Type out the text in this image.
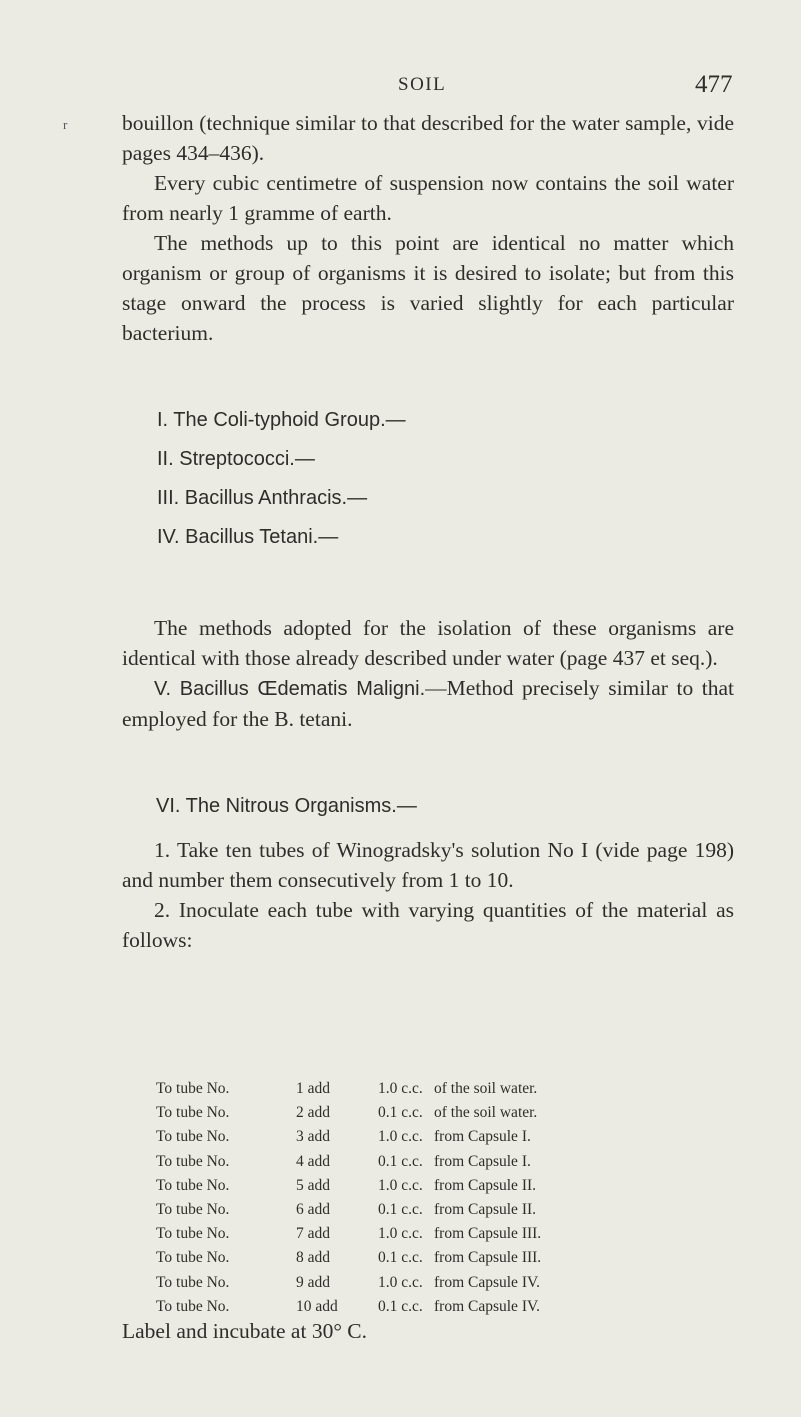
SOIL	477
r	bouillon (technique similar to that described for the water sample, vide pages 434–436).

Every cubic centimetre of suspension now contains the soil water from nearly 1 gramme of earth.

The methods up to this point are identical no matter which organism or group of organisms it is desired to isolate; but from this stage onward the process is varied slightly for each particular bacterium.

I. The Coli-typhoid Group.—

II. Streptococci.—

III. Bacillus Anthracis.—

IV. Bacillus Tetani.—

The methods adopted for the isolation of these organisms are identical with those already described under water (page 437 et seq.).

V. Bacillus Œdematis Maligni.—Method precisely similar to that employed for the B. tetani.

VI. The Nitrous Organisms.—

1. Take ten tubes of Winogradsky's solution No I (vide page 198) and number them consecutively from 1 to 10.

2. Inoculate each tube with varying quantities of the material as follows:

To tube No.	1 add	1.0 c.c. of the soil water.
To tube No.	2 add	0.1 c.c. of the soil water.
To tube No.	3 add	1.0 c.c. from Capsule I.
To tube No.	4 add	0.1 c.c. from Capsule I.
To tube No.	5 add	1.0 c.c. from Capsule II.
To tube No.	6 add	0.1 c.c. from Capsule II.
To tube No.	7 add	1.0 c.c. from Capsule III.
To tube No.	8 add	0.1 c.c. from Capsule III.
To tube No.	9 add	1.0 c.c. from Capsule IV.
To tube No.	10 add	0.1 c.c. from Capsule IV.
Label and incubate at 30° C.
